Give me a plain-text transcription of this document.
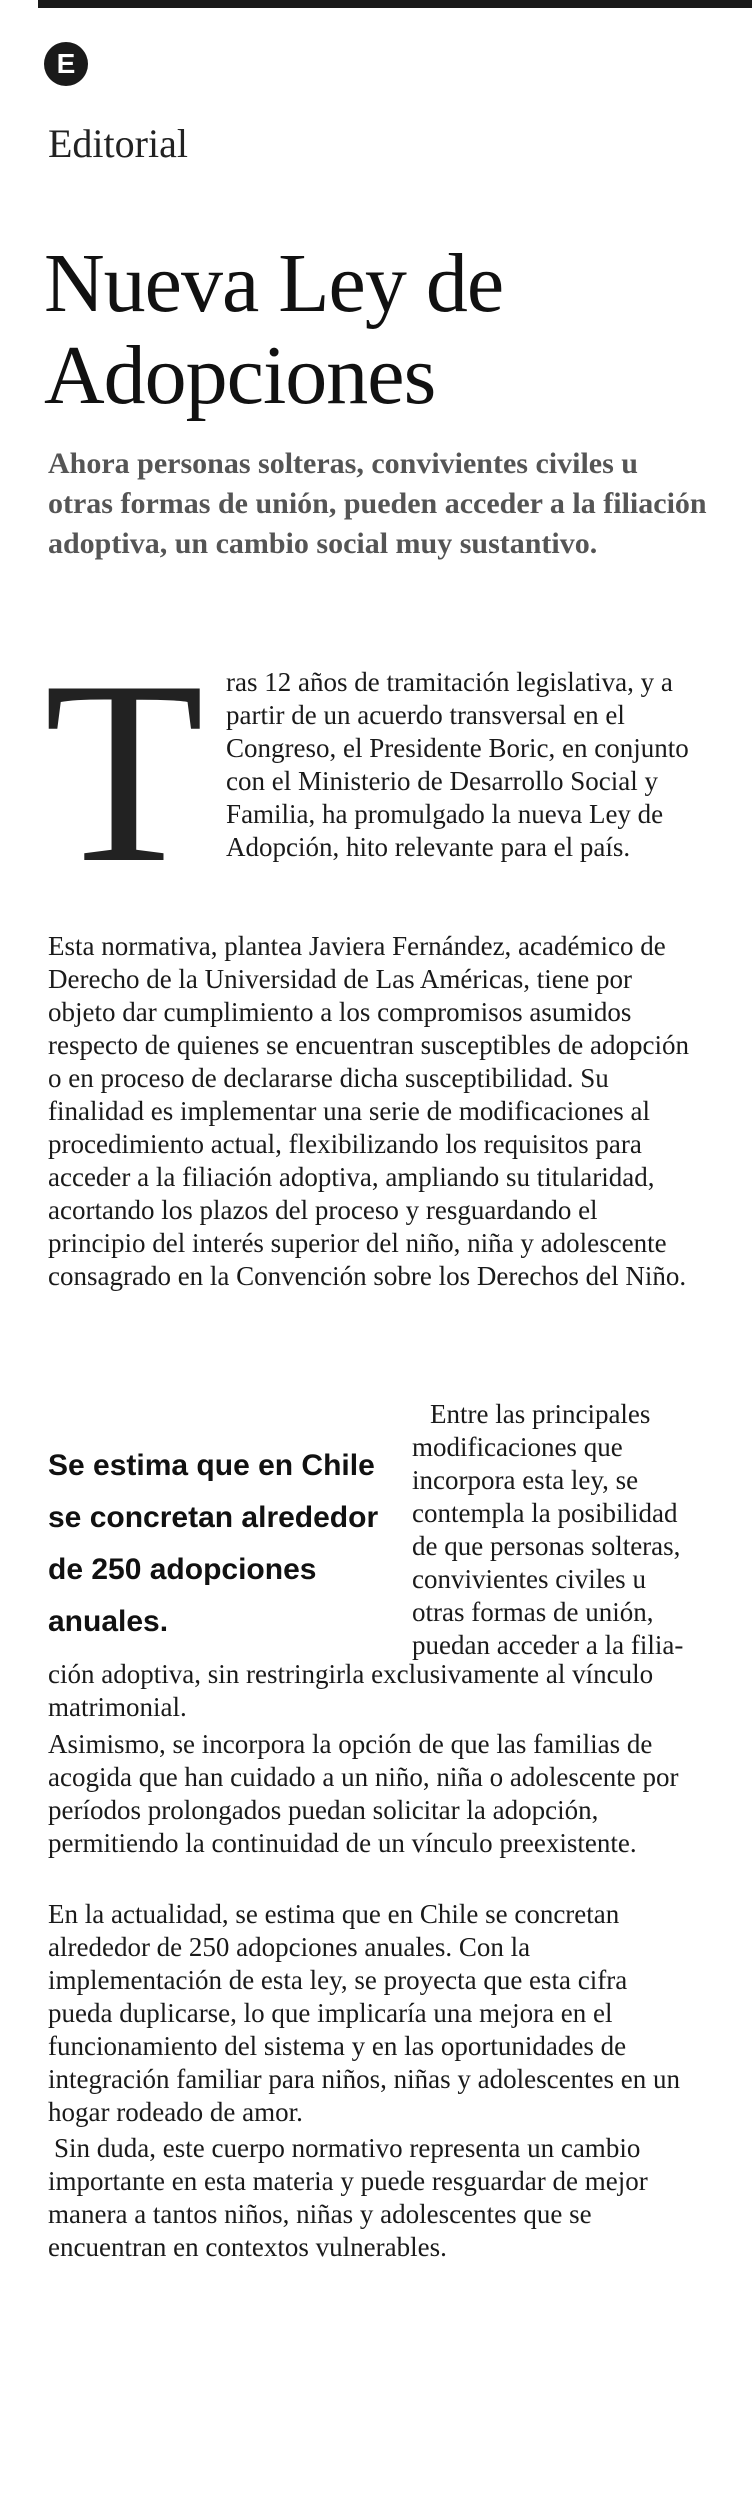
E
Editorial
Nueva Ley de
Adopciones

Ahora personas solteras, convivientes civiles u otras formas de unión, pueden acceder a la filiación adoptiva, un cambio social muy sustantivo.

T ras 12 años de tramitación legislativa, y a partir de un acuerdo transversal en el Congreso, el Presidente Boric, en conjunto con el Ministerio de Desarrollo Social y Familia, ha promulgado la nueva Ley de Adopción, hito relevante para el país.

Esta normativa, plantea Javiera Fernández, académico de Derecho de la Universidad de Las Américas, tiene por objeto dar cumplimiento a los compromisos asumidos respecto de quienes se encuentran susceptibles de adopción o en proceso de declararse dicha susceptibilidad. Su finalidad es implementar una serie de modificaciones al procedimiento actual, flexibilizando los requisitos para acceder a la filiación adoptiva, ampliando su titularidad, acortando los plazos del proceso y resguardando el principio del interés superior del niño, niña y adolescente consagrado en la Convención sobre los Derechos del Niño.

Se estima que en Chile se concretan alrededor de 250 adopciones anuales.

Entre las principales modificaciones que incorpora esta ley, se contempla la posibilidad de que personas solteras, convivientes civiles u otras formas de unión, puedan acceder a la filia-

ción adoptiva, sin restringirla exclusivamente al vínculo matrimonial.

Asimismo, se incorpora la opción de que las familias de acogida que han cuidado a un niño, niña o adolescente por períodos prolongados puedan solicitar la adopción, permitiendo la continuidad de un vínculo preexistente.

En la actualidad, se estima que en Chile se concretan alrededor de 250 adopciones anuales. Con la implementación de esta ley, se proyecta que esta cifra pueda duplicarse, lo que implicaría una mejora en el funcionamiento del sistema y en las oportunidades de integración familiar para niños, niñas y adolescentes en un hogar rodeado de amor.

Sin duda, este cuerpo normativo representa un cambio importante en esta materia y puede resguardar de mejor manera a tantos niños, niñas y adolescentes que se encuentran en contextos vulnerables.
